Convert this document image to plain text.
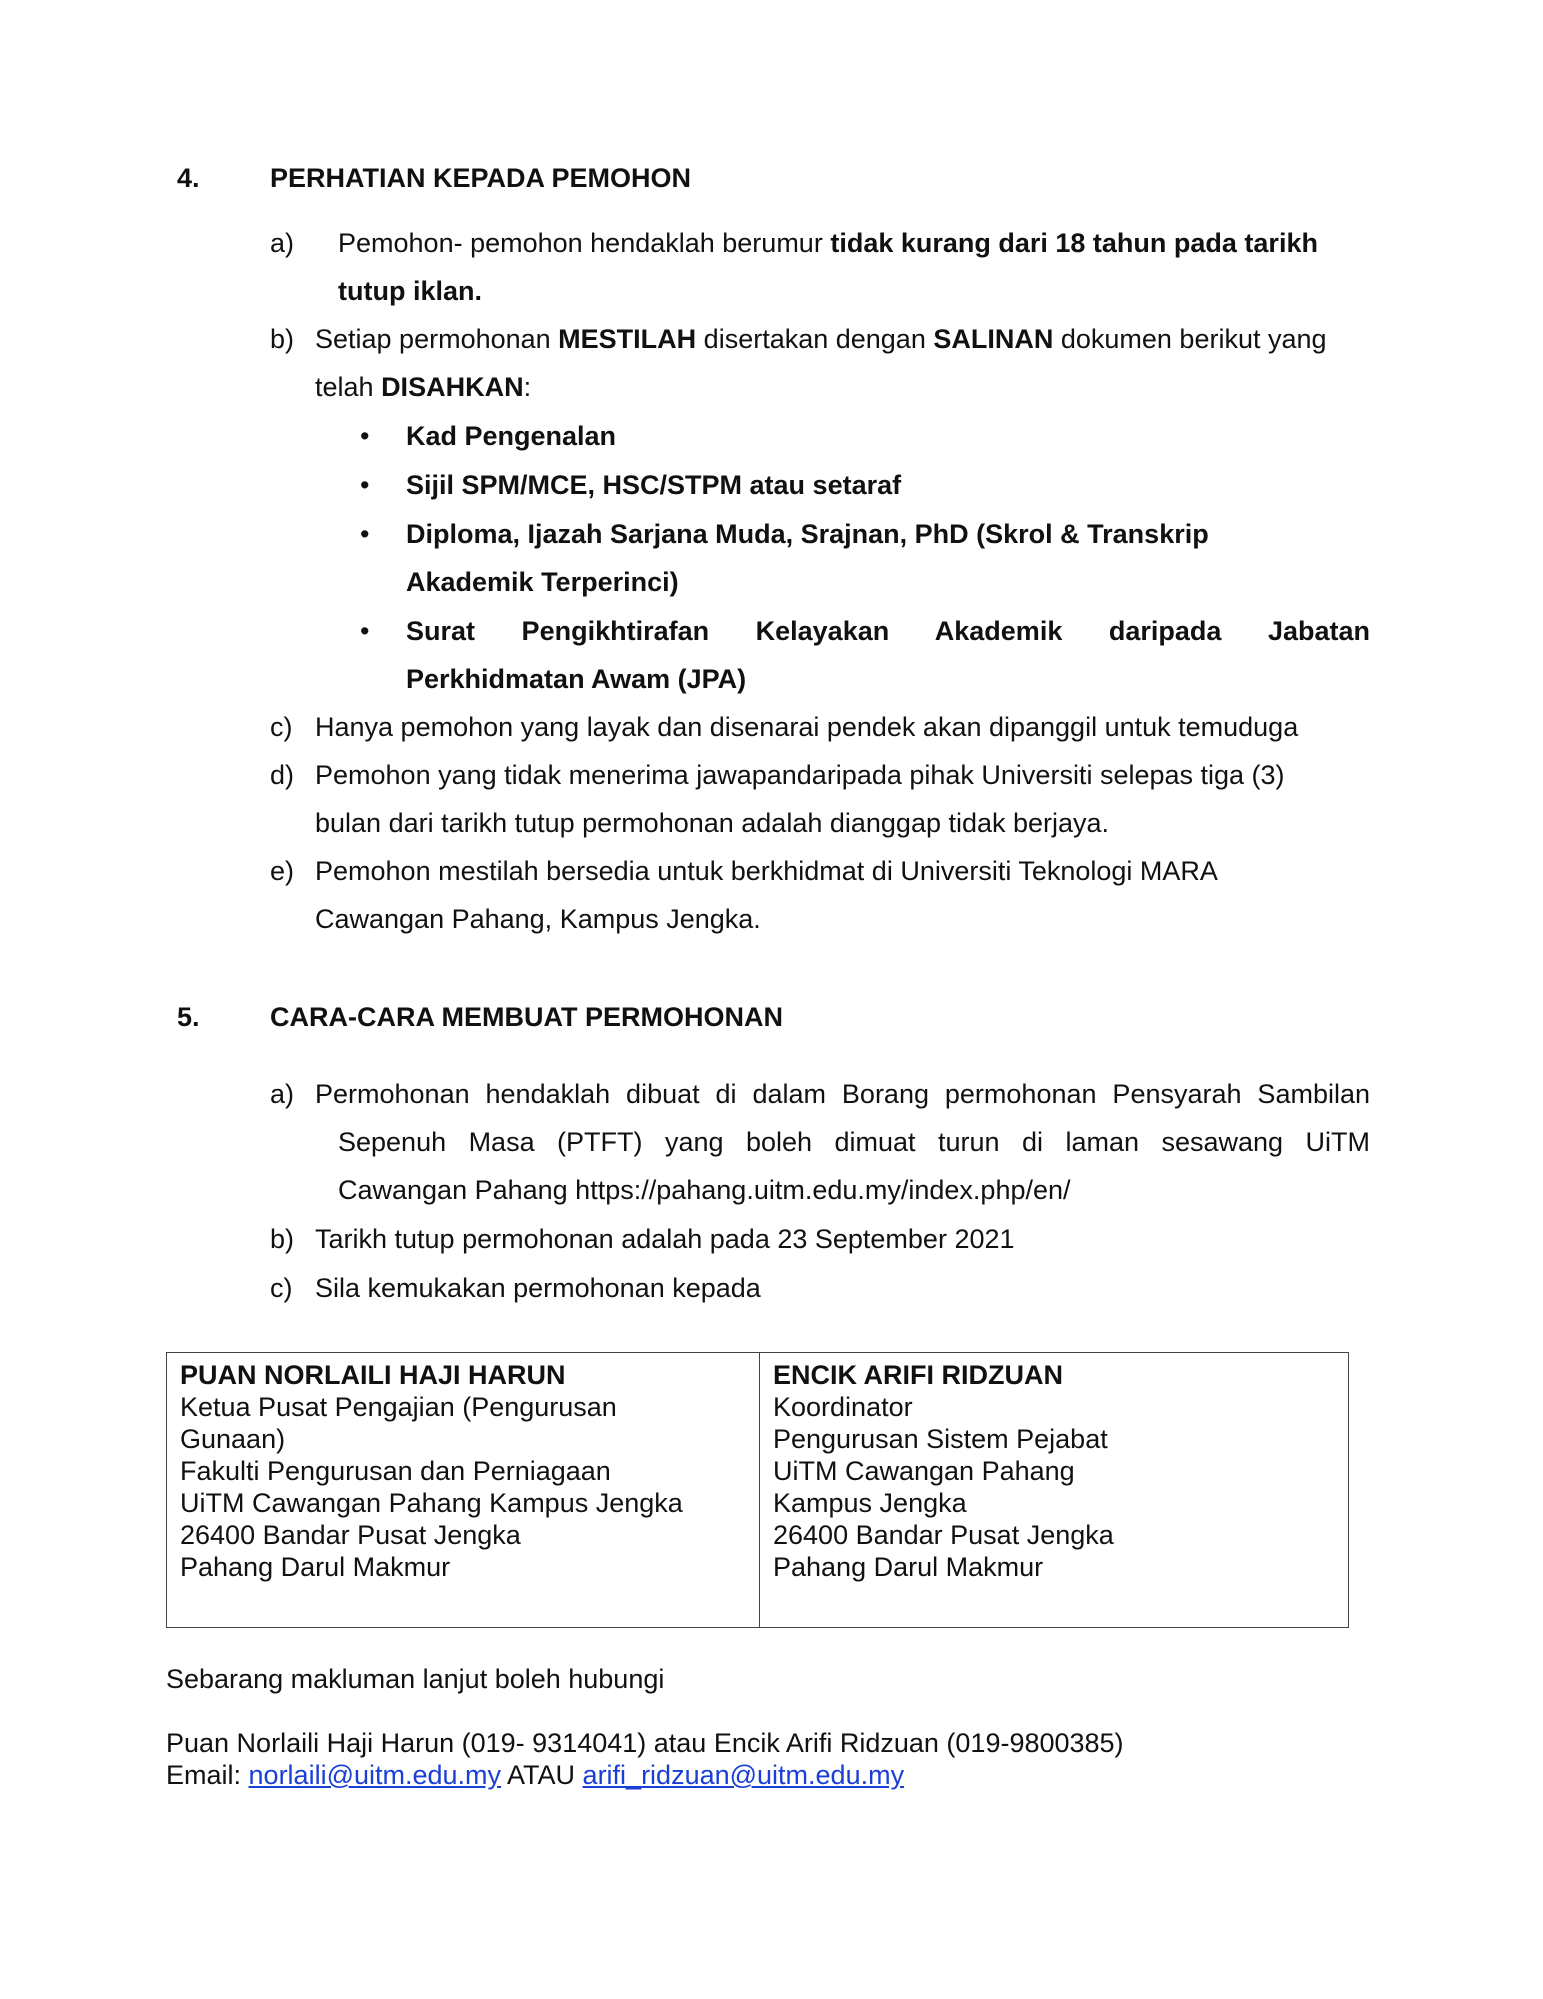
4.	PERHATIAN KEPADA PEMOHON
a) Pemohon- pemohon hendaklah berumur tidak kurang dari 18 tahun pada tarikh
tutup iklan.
b) Setiap permohonan MESTILAH disertakan dengan SALINAN dokumen berikut yang
telah DISAHKAN:
•	Kad Pengenalan
•	Sijil SPM/MCE, HSC/STPM atau setaraf
•	Diploma, Ijazah Sarjana Muda, Srajnan, PhD (Skrol & Transkrip
Akademik Terperinci)
•	Surat Pengikhtirafan Kelayakan Akademik daripada Jabatan
Perkhidmatan Awam (JPA)
c) Hanya pemohon yang layak dan disenarai pendek akan dipanggil untuk temuduga
d) Pemohon yang tidak menerima jawapandaripada pihak Universiti selepas tiga (3)
bulan dari tarikh tutup permohonan adalah dianggap tidak berjaya.
e) Pemohon mestilah bersedia untuk berkhidmat di Universiti Teknologi MARA
Cawangan Pahang, Kampus Jengka.
5.	CARA-CARA MEMBUAT PERMOHONAN
a) Permohonan hendaklah dibuat di dalam Borang permohonan Pensyarah Sambilan
Sepenuh Masa (PTFT) yang boleh dimuat turun di laman sesawang UiTM
Cawangan Pahang https://pahang.uitm.edu.my/index.php/en/
b) Tarikh tutup permohonan adalah pada 23 September 2021
c) Sila kemukakan permohonan kepada
PUAN NORLAILI HAJI HARUN
Ketua Pusat Pengajian (Pengurusan
Gunaan)
Fakulti Pengurusan dan Perniagaan
UiTM Cawangan Pahang Kampus Jengka
26400 Bandar Pusat Jengka
Pahang Darul Makmur
ENCIK ARIFI RIDZUAN
Koordinator
Pengurusan Sistem Pejabat
UiTM Cawangan Pahang
Kampus Jengka
26400 Bandar Pusat Jengka
Pahang Darul Makmur
Sebarang makluman lanjut boleh hubungi
Puan Norlaili Haji Harun (019- 9314041) atau Encik Arifi Ridzuan (019-9800385)
Email: norlaili@uitm.edu.my ATAU arifi_ridzuan@uitm.edu.my
